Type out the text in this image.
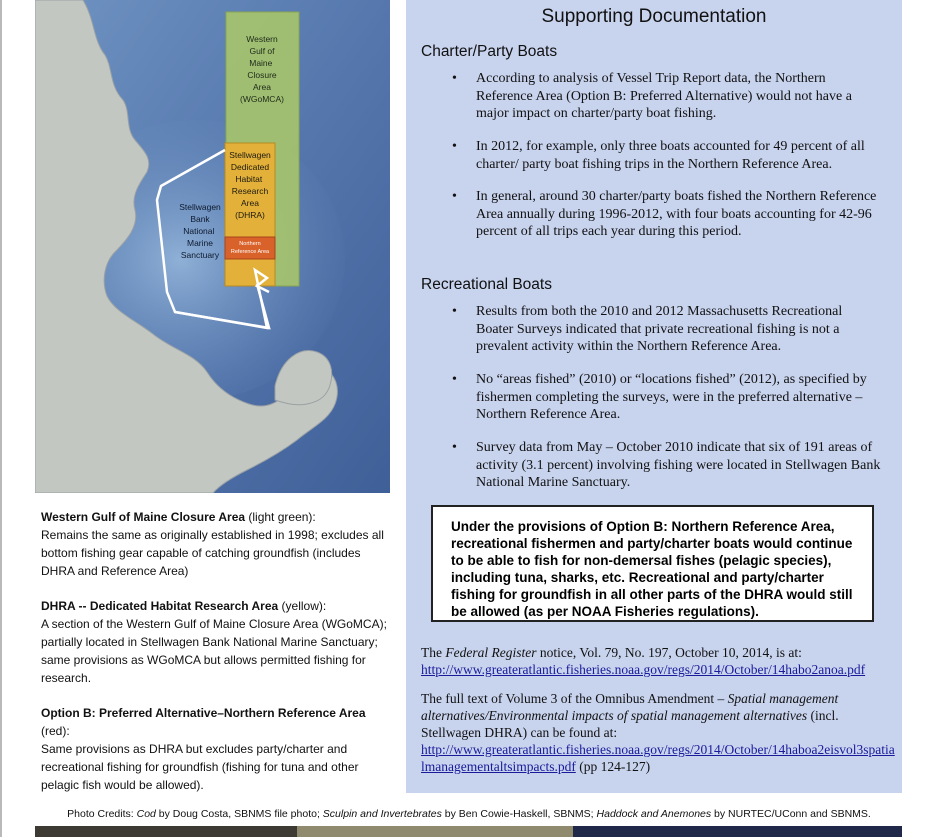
Western Gulf of Maine Closure Area (WGoMCA)
Stellwagen Dedicated Habitat Research Area (DHRA)
Stellwagen Bank National Marine Sanctuary
Northern Reference Area
Western Gulf of Maine Closure Area (light green):
Remains the same as originally established in 1998; excludes all bottom fishing gear capable of catching groundfish (includes DHRA and Reference Area)
DHRA -- Dedicated Habitat Research Area (yellow):
A section of the Western Gulf of Maine Closure Area (WGoMCA); partially located in Stellwagen Bank National Marine Sanctuary; same provisions as WGoMCA but allows permitted fishing for research.
Option B: Preferred Alternative–Northern Reference Area (red):
Same provisions as DHRA but excludes party/charter and recreational fishing for groundfish (fishing for tuna and other pelagic fish would be allowed).
Supporting Documentation
Charter/Party Boats
•	According to analysis of Vessel Trip Report data, the Northern Reference Area (Option B: Preferred Alternative) would not have a major impact on charter/party boat fishing.
•	In 2012, for example, only three boats accounted for 49 percent of all charter/ party boat fishing trips in the Northern Reference Area.
•	In general, around 30 charter/party boats fished the Northern Reference Area annually during 1996-2012, with four boats accounting for 42-96 percent of all trips each year during this period.
Recreational Boats
•	Results from both the 2010 and 2012 Massachusetts Recreational Boater Surveys indicated that private recreational fishing is not a prevalent activity within the Northern Reference Area.
•	No “areas fished” (2010) or “locations fished” (2012), as specified by fishermen completing the surveys, were in the preferred alternative – Northern Reference Area.
•	Survey data from May – October 2010 indicate that six of 191 areas of activity (3.1 percent) involving fishing were located in Stellwagen Bank National Marine Sanctuary.
Under the provisions of Option B: Northern Reference Area, recreational fishermen and party/charter boats would continue to be able to fish for non-demersal fishes (pelagic species), including tuna, sharks, etc. Recreational and party/charter fishing for groundfish in all other parts of the DHRA would still be allowed (as per NOAA Fisheries regulations).
The Federal Register notice, Vol. 79, No. 197, October 10, 2014, is at:
http://www.greateratlantic.fisheries.noaa.gov/regs/2014/October/14habo2anoa.pdf
The full text of Volume 3 of the Omnibus Amendment – Spatial management alternatives/Environmental impacts of spatial management alternatives (incl. Stellwagen DHRA) can be found at:
http://www.greateratlantic.fisheries.noaa.gov/regs/2014/October/14haboa2eisvol3spatialmanagementaltsimpacts.pdf (pp 124-127)
Photo Credits: Cod by Doug Costa, SBNMS file photo; Sculpin and Invertebrates by Ben Cowie-Haskell, SBNMS; Haddock and Anemones by NURTEC/UConn and SBNMS.
